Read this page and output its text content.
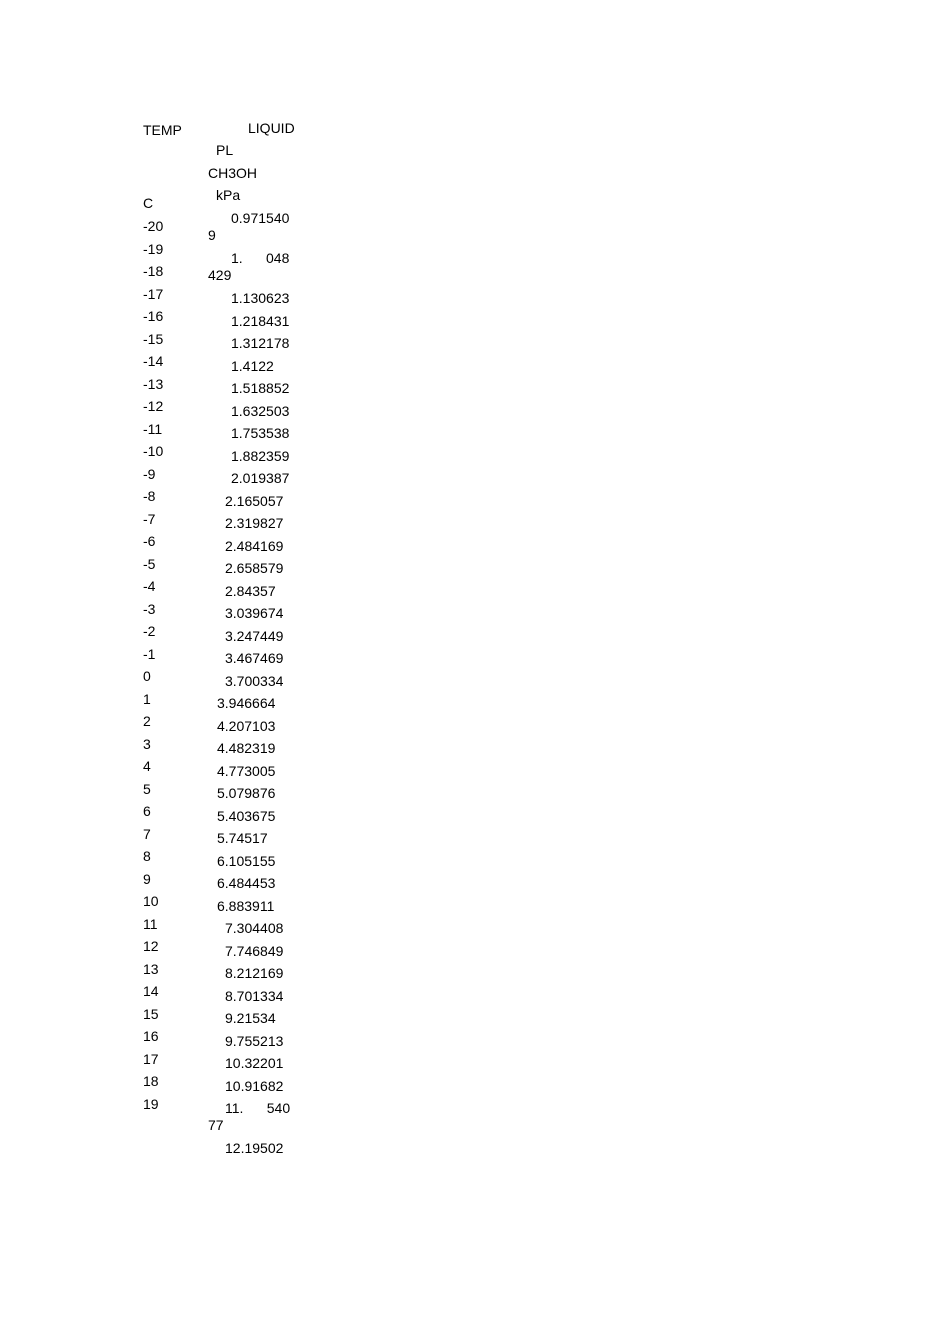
TEMP	LIQUID
PL
CH3OH
kPa
C
-20	0.971540
9
-19
1.      048
429
-18
1.130623
-17
1.218431
-16
1.312178
-15
1.4122
-14
1.518852
-13
1.632503
-12
1.753538
-11
1.882359
-10
2.019387
-9
2.165057
-8
2.319827
-7
2.484169
-6
2.658579
-5
2.84357
-4
3.039674
-3
3.247449
-2
3.467469
-1
3.700334
0
3.946664
1
4.207103
2
4.482319
3
4.773005
4
5.079876
5
5.403675
6
5.74517
7
6.105155
8
6.484453
9
6.883911
10
7.304408
11
7.746849
12
8.212169
13
8.701334
14
9.21534
15
9.755213
16
10.32201
17
10.91682
18
11.      540
77
19
12.19502
